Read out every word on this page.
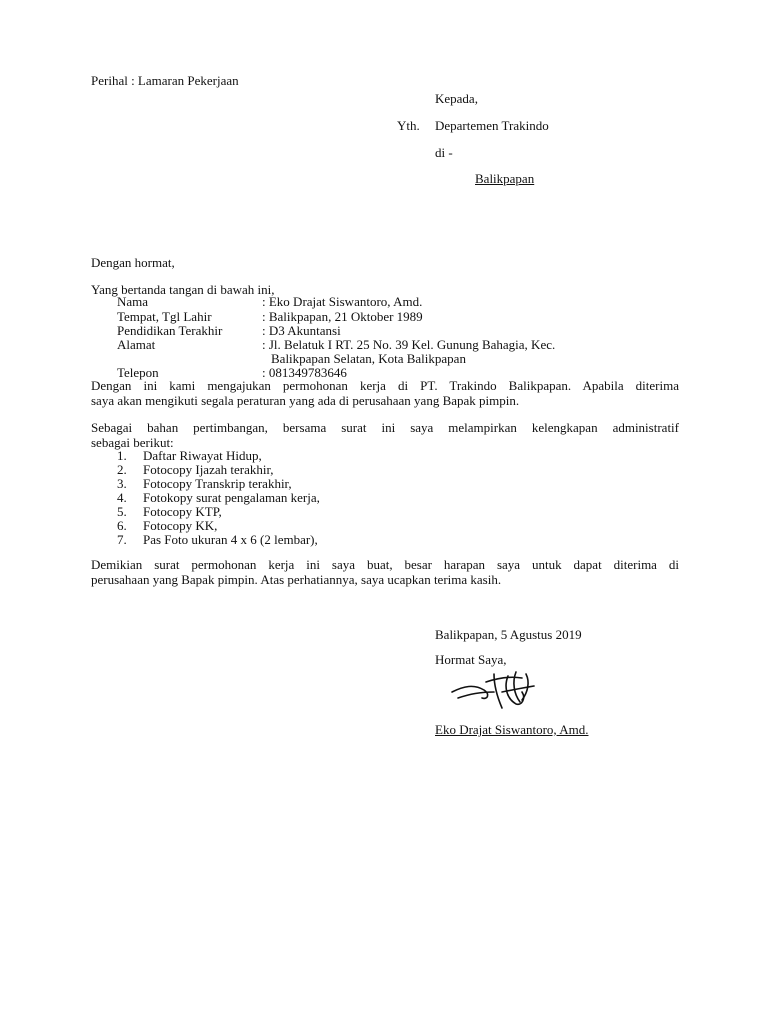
Perihal : Lamaran Pekerjaan
Kepada,
Yth. Departemen Trakindo
di -
Balikpapan
Dengan hormat,
Yang bertanda tangan di bawah ini,
Nama	: Eko Drajat Siswantoro, Amd.
Tempat, Tgl Lahir	: Balikpapan, 21 Oktober 1989
Pendidikan Terakhir	: D3 Akuntansi
Alamat	: Jl. Belatuk I RT. 25 No. 39 Kel. Gunung Bahagia, Kec.
Balikpapan Selatan, Kota Balikpapan
Telepon	: 081349783646
Dengan ini kami mengajukan permohonan kerja di PT. Trakindo Balikpapan. Apabila diterima
saya akan mengikuti segala peraturan yang ada di perusahaan yang Bapak pimpin.
Sebagai bahan pertimbangan, bersama surat ini saya melampirkan kelengkapan administratif
sebagai berikut:
1. Daftar Riwayat Hidup,
2. Fotocopy Ijazah terakhir,
3. Fotocopy Transkrip terakhir,
4. Fotokopy surat pengalaman kerja,
5. Fotocopy KTP,
6. Fotocopy KK,
7. Pas Foto ukuran 4 x 6 (2 lembar),
Demikian surat permohonan kerja ini saya buat, besar harapan saya untuk dapat diterima di
perusahaan yang Bapak pimpin. Atas perhatiannya, saya ucapkan terima kasih.
Balikpapan, 5 Agustus 2019
Hormat Saya,
Eko Drajat Siswantoro, Amd.
